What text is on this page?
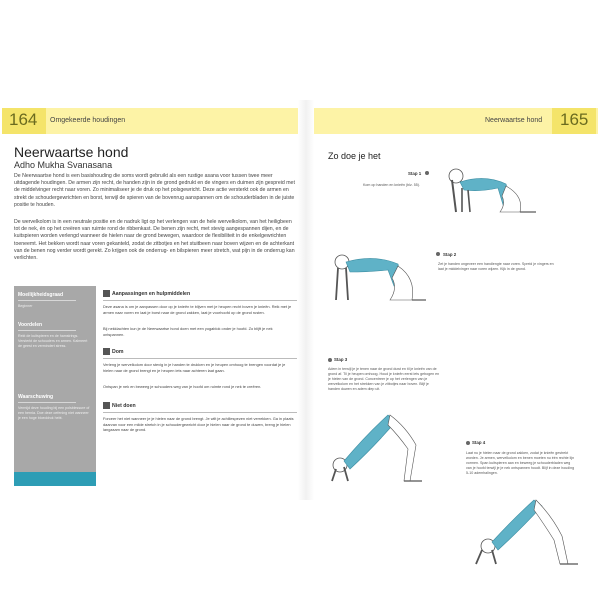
164 Omgekeerde houdingen	Neerwaartse hond 165
Neerwaartse hond
Adho Mukha Svanasana
De Neerwaartse hond is een basishouding die soms wordt gebruikt als een rustige asana voor tussen twee meer uitdagende houdingen. De armen zijn recht, de handen zijn in de grond gedrukt en de vingers en duimen zijn gespreid met de middelvinger recht naar voren. Zo minimaliseer je de druk op het polsgewricht. Deze actie versterkt ook de armen en strekt de schoudergewrichten en borst, terwijl de spieren van de bovenrug aanspannen om de schouderbladen in de juiste positie te houden.
De wervelkolom is in een neutrale positie en de nadruk ligt op het verlengen van de hele wervelkolom, van het heiligbeen tot de nek, én op het creëren van ruimte rond de ribbenkast. De benen zijn recht, met stevig aangespannen dijen, en de kuitspieren worden verlengd wanneer de hielen naar de grond bewegen, waardoor de flexibiliteit in de enkelgewrichten toeneemt. Het bekken wordt naar voren gekanteld, zodat de zitbotjes en het stuitbeen naar boven wijzen en de achterkant van de benen nog verder wordt gerekt. Zo krijgen ook de onderrug- en bilspieren meer stretch, wat pijn in de onderrug kan verlichten.
Moeilijkheidsgraad
Beginner
Voordelen
Rekt de kuitspieren en de hamstrings. Versterkt de schouders en armen. Kalmeert de geest en vermindert stress.
Waarschuwing
Vermijd deze houding bij een polsblessure of een hernia. Doe deze oefening niet wanneer je een hoge bloeddruk hebt.
Aanpassingen en hulpmiddelen
Deze asana is om je aanpassen door op je knieën te blijven met je heupen recht boven je knieën. Reik met je armen naar voren en laat je borst naar de grond zakken, laat je voorhoofd op de grond rusten.
Bij nekklachten kun je de Neerwaartse hond doen met een yogablok onder je hoofd. Zo blijft je nek ontspannen.
Dom
Verleng je wervelkolom door stevig in je handen te drukken en je heupen omhoog te brengen voordat je je hielen naar de grond brengt en je heupen iets naar achteren laat gaan.
Ontspan je nek en beweeg je schouders weg van je hoofd om ruimte rond je nek te creëren.
Niet doen
Forceer het niet wanneer je je hielen naar de grond brengt. Je wilt je achillespezen niet verrekken. Ga in plaats daarvan voor een milde stretch in je schoudergewricht door je hielen naar de grond te duwen, breng je hielen langzaam naar de grond.
Zo doe je het
Stap 1
Kom op handen en knieën (blz. 55).
Stap 2
Zet je handen ongeveer een handlengte naar voren. Spreid je vingers en laat je middelvinger naar voren wijzen. Kijk in de grond.
Stap 3
Adem in terwijl je je tenen naar de grond duwt en til je knieën van de grond af. Til je heupen omhoog. Houd je knieën eerst iets gebogen en je hielen van de grond. Concentreer je op het verlengen van je wervelkolom en het strekken van je zitbotjes naar boven. Blijf je handen duwen en adem diep uit.
Stap 4
Laat nu je hielen naar de grond zakken, zodat je knieën gestrekt worden. Je armen, wervelkolom en benen moeten nu één rechte lijn vormen. Span kuitspieren aan en beweeg je schouderbladen weg van je hoofd terwijl je je nek ontspannen houdt. Blijf in deze houding 5-10 ademhalingen.
